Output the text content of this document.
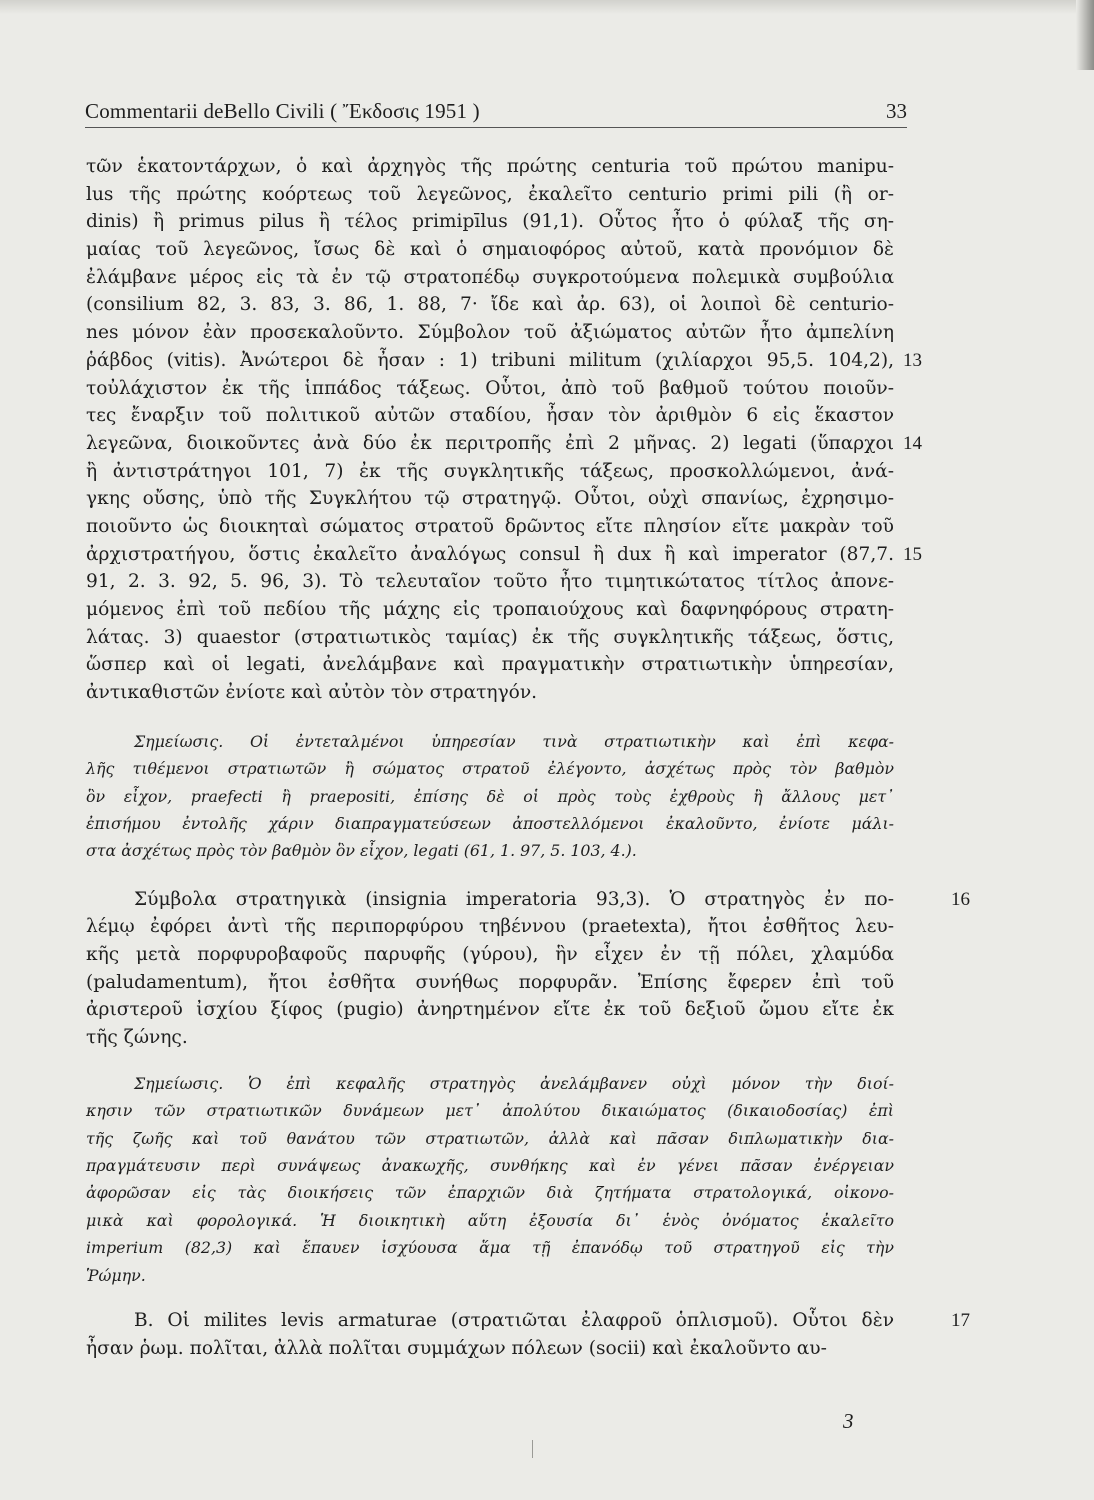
Commentarii deBello Civili ( Ἔκδοσις 1951 )	33
τῶν ἑκατοντάρχων, ὁ καὶ ἀρχηγὸς τῆς πρώτης centuria τοῦ πρώτου manipu-
lus τῆς πρώτης κοόρτεως τοῦ λεγεῶνος, ἐκαλεῖτο centurio primi pili (ἢ or-
dinis) ἢ primus pilus ἢ τέλος primipīlus (91,1). Οὗτος ἦτο ὁ φύλαξ τῆς ση-
μαίας τοῦ λεγεῶνος, ἴσως δὲ καὶ ὁ σημαιοφόρος αὐτοῦ, κατὰ προνόμιον δὲ
ἐλάμβανε μέρος εἰς τὰ ἐν τῷ στρατοπέδῳ συγκροτούμενα πολεμικὰ συμβούλια
(consilium 82, 3. 83, 3. 86, 1. 88, 7· ἴδε καὶ ἀρ. 63), οἱ λοιποὶ δὲ centurio-
nes μόνον ἐὰν προσεκαλοῦντο. Σύμβολον τοῦ ἀξιώματος αὐτῶν ἦτο ἀμπελίνη
ῥάβδος (vitis). Ἀνώτεροι δὲ ἦσαν : 1) tribuni militum (χιλίαρχοι 95,5. 104,2), 13
τοὐλάχιστον ἐκ τῆς ἱππάδος τάξεως. Οὗτοι, ἀπὸ τοῦ βαθμοῦ τούτου ποιοῦν-
τες ἔναρξιν τοῦ πολιτικοῦ αὐτῶν σταδίου, ἦσαν τὸν ἀριθμὸν 6 εἰς ἕκαστον
λεγεῶνα, διοικοῦντες ἀνὰ δύο ἐκ περιτροπῆς ἐπὶ 2 μῆνας. 2) legati (ὕπαρχοι 14
ἢ ἀντιστράτηγοι 101, 7) ἐκ τῆς συγκλητικῆς τάξεως, προσκολλώμενοι, ἀνά-
γκης οὔσης, ὑπὸ τῆς Συγκλήτου τῷ στρατηγῷ. Οὗτοι, οὐχὶ σπανίως, ἐχρησιμο-
ποιοῦντο ὡς διοικηταὶ σώματος στρατοῦ δρῶντος εἴτε πλησίον εἴτε μακρὰν τοῦ
ἀρχιστρατήγου, ὅστις ἐκαλεῖτο ἀναλόγως consul ἢ dux ἢ καὶ imperator (87,7. 15
91, 2. 3. 92, 5. 96, 3). Τὸ τελευταῖον τοῦτο ἦτο τιμητικώτατος τίτλος ἀπονε-
μόμενος ἐπὶ τοῦ πεδίου τῆς μάχης εἰς τροπαιούχους καὶ δαφνηφόρους στρατη-
λάτας. 3) quaestor (στρατιωτικὸς ταμίας) ἐκ τῆς συγκλητικῆς τάξεως, ὅστις,
ὥσπερ καὶ οἱ legati, ἀνελάμβανε καὶ πραγματικὴν στρατιωτικὴν ὑπηρεσίαν,
ἀντικαθιστῶν ἐνίοτε καὶ αὐτὸν τὸν στρατηγόν.
Σημείωσις. Οἱ ἐντεταλμένοι ὑπηρεσίαν τινὰ στρατιωτικὴν καὶ ἐπὶ κεφα-
λῆς τιθέμενοι στρατιωτῶν ἢ σώματος στρατοῦ ἐλέγοντο, ἀσχέτως πρὸς τὸν βαθμὸν
ὃν εἶχον, praefecti ἢ praepositi, ἐπίσης δὲ οἱ πρὸς τοὺς ἐχθροὺς ἢ ἄλλους μετ᾽
ἐπισήμου ἐντολῆς χάριν διαπραγματεύσεων ἀποστελλόμενοι ἐκαλοῦντο, ἐνίοτε μάλι-
στα ἀσχέτως πρὸς τὸν βαθμὸν ὃν εἶχον, legati (61, 1. 97, 5. 103, 4.).
Σύμβολα στρατηγικὰ (insignia imperatoria 93,3). Ὁ στρατηγὸς ἐν πο-	16
λέμῳ ἐφόρει ἀντὶ τῆς περιπορφύρου τηβέννου (praetexta), ἤτοι ἐσθῆτος λευ-
κῆς μετὰ πορφυροβαφοῦς παρυφῆς (γύρου), ἣν εἶχεν ἐν τῇ πόλει, χλαμύδα
(paludamentum), ἤτοι ἐσθῆτα συνήθως πορφυρᾶν. Ἐπίσης ἔφερεν ἐπὶ τοῦ
ἀριστεροῦ ἰσχίου ξίφος (pugio) ἀνηρτημένον εἴτε ἐκ τοῦ δεξιοῦ ὤμου εἴτε ἐκ
τῆς ζώνης.
Σημείωσις. Ὁ ἐπὶ κεφαλῆς στρατηγὸς ἀνελάμβανεν οὐχὶ μόνον τὴν διοί-
κησιν τῶν στρατιωτικῶν δυνάμεων μετ᾽ ἀπολύτου δικαιώματος (δικαιοδοσίας) ἐπὶ
τῆς ζωῆς καὶ τοῦ θανάτου τῶν στρατιωτῶν, ἀλλὰ καὶ πᾶσαν διπλωματικὴν δια-
πραγμάτευσιν περὶ συνάψεως ἀνακωχῆς, συνθήκης καὶ ἐν γένει πᾶσαν ἐνέργειαν
ἀφορῶσαν εἰς τὰς διοικήσεις τῶν ἐπαρχιῶν διὰ ζητήματα στρατολογικά, οἰκονο-
μικὰ καὶ φορολογικά. Ἡ διοικητικὴ αὕτη ἐξουσία δι᾽ ἑνὸς ὀνόματος ἐκαλεῖτο
imperium (82,3) καὶ ἔπαυεν ἰσχύουσα ἅμα τῇ ἐπανόδῳ τοῦ στρατηγοῦ εἰς τὴν
Ῥώμην.
B. Οἱ milites levis armaturae (στρατιῶται ἐλαφροῦ ὁπλισμοῦ). Οὗτοι δὲν	17
ἦσαν ῥωμ. πολῖται, ἀλλὰ πολῖται συμμάχων πόλεων (socii) καὶ ἐκαλοῦντο αυ-
3
